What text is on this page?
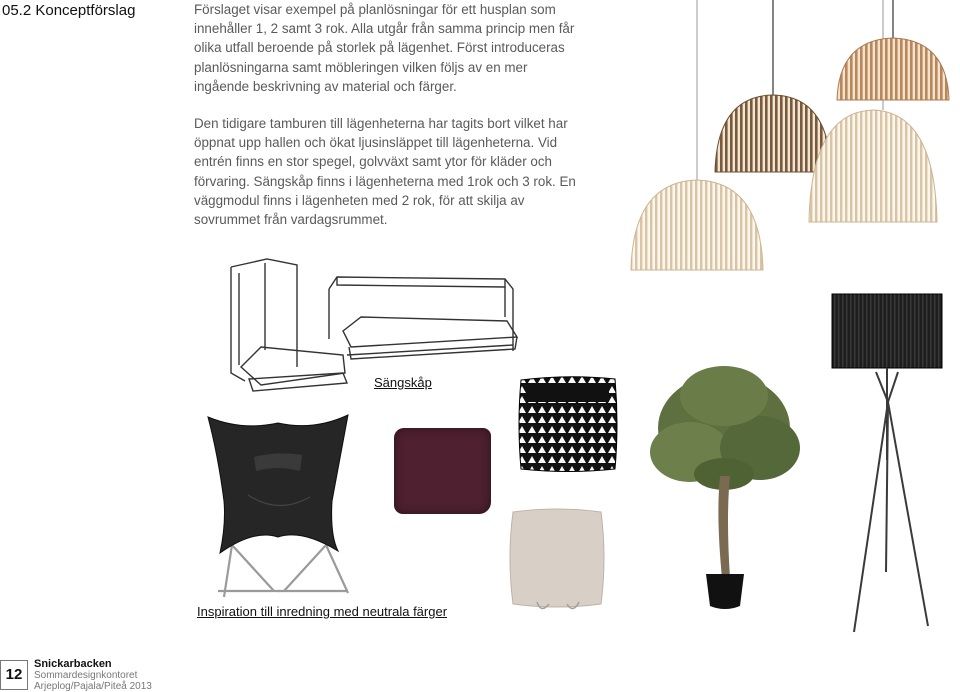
05.2 Konceptförslag	Förslaget visar exempel på planlösningar för ett husplan som innehåller 1, 2 samt 3 rok. Alla utgår från samma princip men får olika utfall beroende på storlek på lägenhet. Först introduceras planlösningarna samt möbleringen vilken följs av en mer ingående beskrivning av material och färger.

Den tidigare tamburen till lägenheterna har tagits bort vilket har öppnat upp hallen och ökat ljusinsläppet till lägenheterna. Vid entrén finns en stor spegel, golvväxt samt ytor för kläder och förvaring. Sängskåp finns i lägenheterna med 1rok och 3 rok. En väggmodul finns i lägenheten med 2 rok, för att skilja av sovrummet från vardagsrummet.

Sängskåp
Inspiration till inredning med neutrala färger
12
Snickarbacken
Sommardesignkontoret
Arjeplog/Pajala/Piteå 2013
